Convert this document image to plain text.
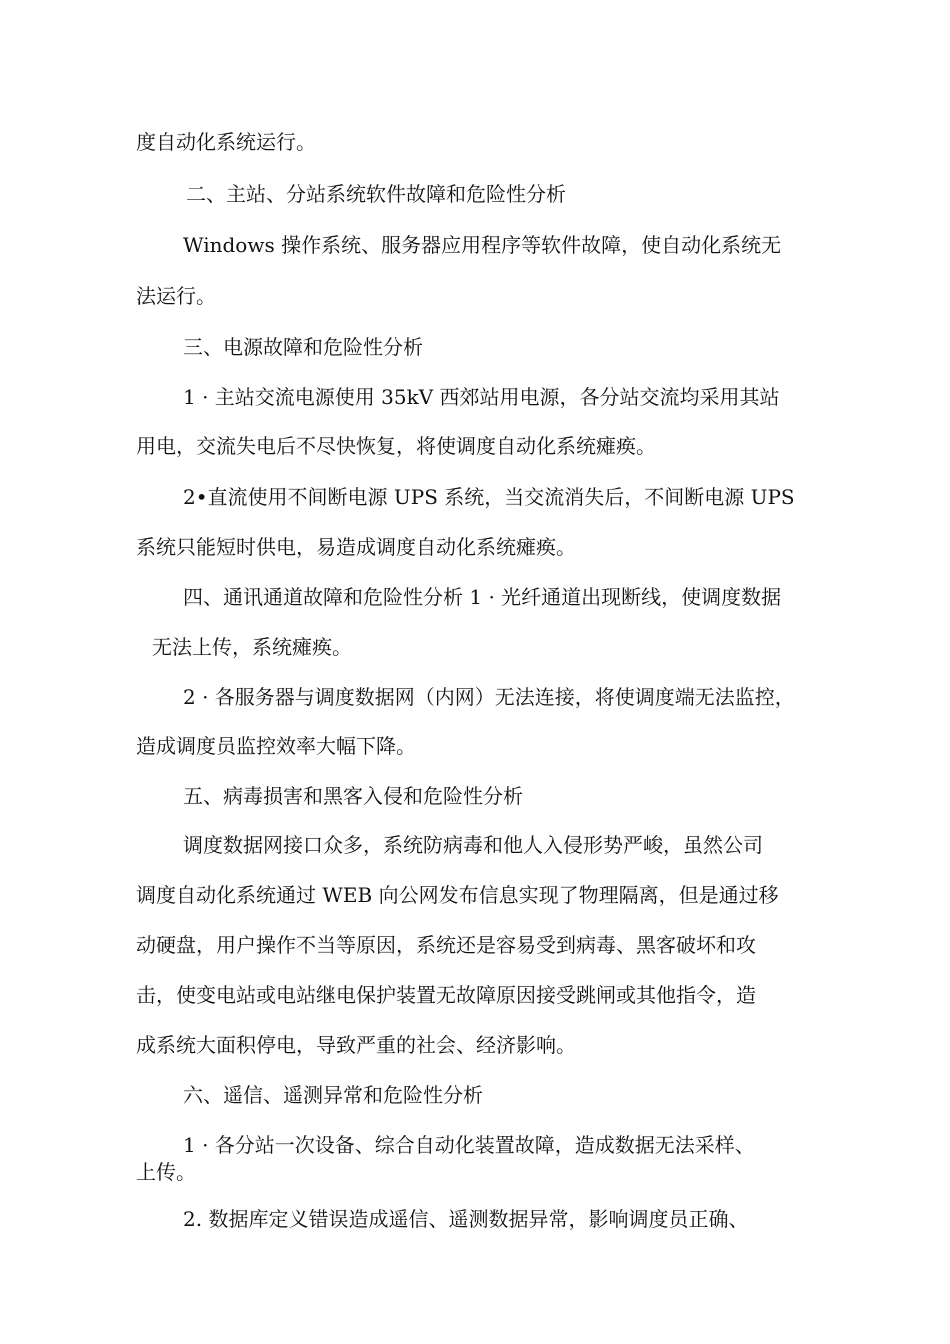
度自动化系统运行。
二、主站、分站系统软件故障和危险性分析
Windows 操作系统、服务器应用程序等软件故障，使自动化系统无
法运行。
三、电源故障和危险性分析
1 · 主站交流电源使用 35kV 西郊站用电源，各分站交流均采用其站
用电，交流失电后不尽快恢复，将使调度自动化系统瘫痪。
2•直流使用不间断电源 UPS 系统，当交流消失后，不间断电源 UPS
系统只能短时供电，易造成调度自动化系统瘫痪。
四、通讯通道故障和危险性分析 1 · 光纤通道出现断线，使调度数据
无法上传，系统瘫痪。
2 · 各服务器与调度数据网（内网）无法连接，将使调度端无法监控，
造成调度员监控效率大幅下降。
五、病毒损害和黑客入侵和危险性分析
调度数据网接口众多，系统防病毒和他人入侵形势严峻，虽然公司
调度自动化系统通过 WEB 向公网发布信息实现了物理隔离，但是通过移
动硬盘，用户操作不当等原因，系统还是容易受到病毒、黑客破坏和攻
击，使变电站或电站继电保护装置无故障原因接受跳闸或其他指令，造
成系统大面积停电，导致严重的社会、经济影响。
六、遥信、遥测异常和危险性分析
1 · 各分站一次设备、综合自动化装置故障，造成数据无法采样、
上传。
2. 数据库定义错误造成遥信、遥测数据异常，影响调度员正确、
